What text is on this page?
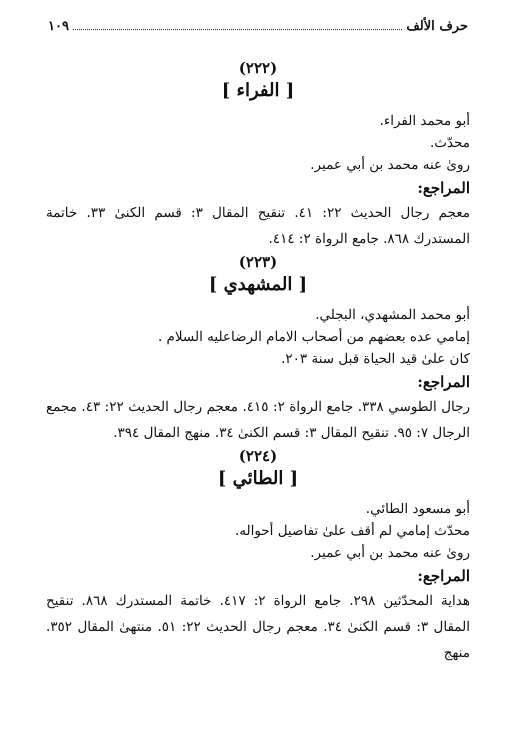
حرف الألف
١٠٩

(٢٢٢)

[ الفراء ]

أبو محمد الفراء.

محدّث.

رویٰ عنه محمد بن أبي عمير.

المراجع:

معجم رجال الحديث ٢٢: ٤١. تنقيح المقال ٣: قسم الكنىٰ ٣٣. خاتمة المستدرك ٨٦٨. جامع الرواة ٢: ٤١٤.

(٢٢٣)

[ المشهدي ]

أبو محمد المشهدي، البجلي.

إمامي عده بعضهم من أصحاب الامام الرضاعليه السلام .

كان علىٰ قيد الحياة قبل سنة ٢٠٣.

المراجع:

رجال الطوسي ٣٣٨. جامع الرواة ٢: ٤١٥. معجم رجال الحديث ٢٢: ٤٣. مجمع الرجال ٧: ٩٥. تنقيح المقال ٣: قسم الكنىٰ ٣٤. منهج المقال ٣٩٤.

(٢٢٤)

[ الطائي ]

أبو مسعود الطائي.

محدّث إمامي لم أقف علىٰ تفاصيل أحواله.

رویٰ عنه محمد بن أبي عمير.

المراجع:

هداية المحدّثين ٢٩٨. جامع الرواة ٢: ٤١٧. خاتمة المستدرك ٨٦٨. تنقيح المقال ٣: قسم الكنىٰ ٣٤. معجم رجال الحديث ٢٢: ٥١. منتهىٰ المقال ٣٥٢. منهج
